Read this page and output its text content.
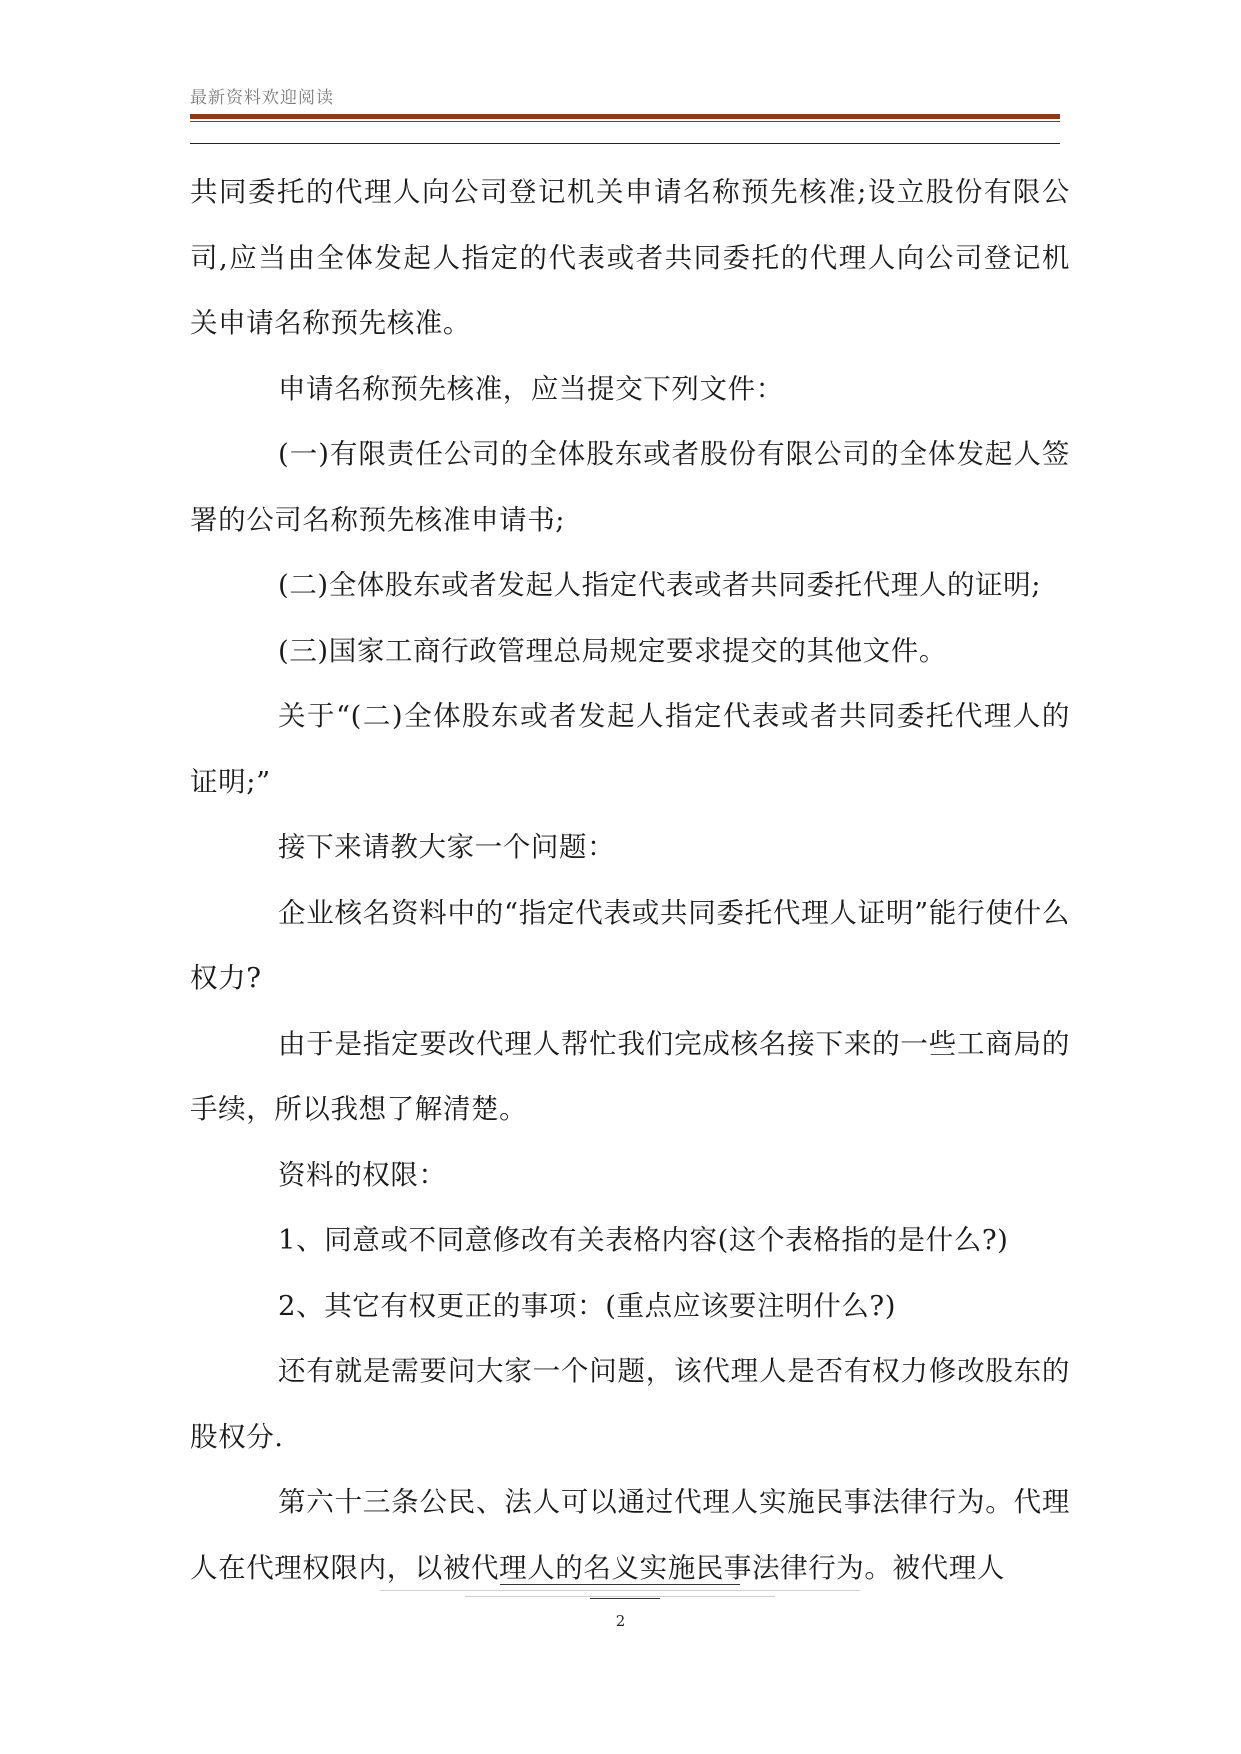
最新资料欢迎阅读

共同委托的代理人向公司登记机关申请名称预先核准;设立股份有限公司,应当由全体发起人指定的代表或者共同委托的代理人向公司登记机关申请名称预先核准。

申请名称预先核准，应当提交下列文件：

(一)有限责任公司的全体股东或者股份有限公司的全体发起人签署的公司名称预先核准申请书;

(二)全体股东或者发起人指定代表或者共同委托代理人的证明;

(三)国家工商行政管理总局规定要求提交的其他文件。

关于“(二)全体股东或者发起人指定代表或者共同委托代理人的证明;”

接下来请教大家一个问题：

企业核名资料中的“指定代表或共同委托代理人证明”能行使什么权力?

由于是指定要改代理人帮忙我们完成核名接下来的一些工商局的手续，所以我想了解清楚。

资料的权限：

1、同意或不同意修改有关表格内容(这个表格指的是什么?)

2、其它有权更正的事项：(重点应该要注明什么?)

还有就是需要问大家一个问题，该代理人是否有权力修改股东的股权分.

第六十三条公民、法人可以通过代理人实施民事法律行为。代理人在代理权限内，以被代理人的名义实施民事法律行为。被代理人

2
